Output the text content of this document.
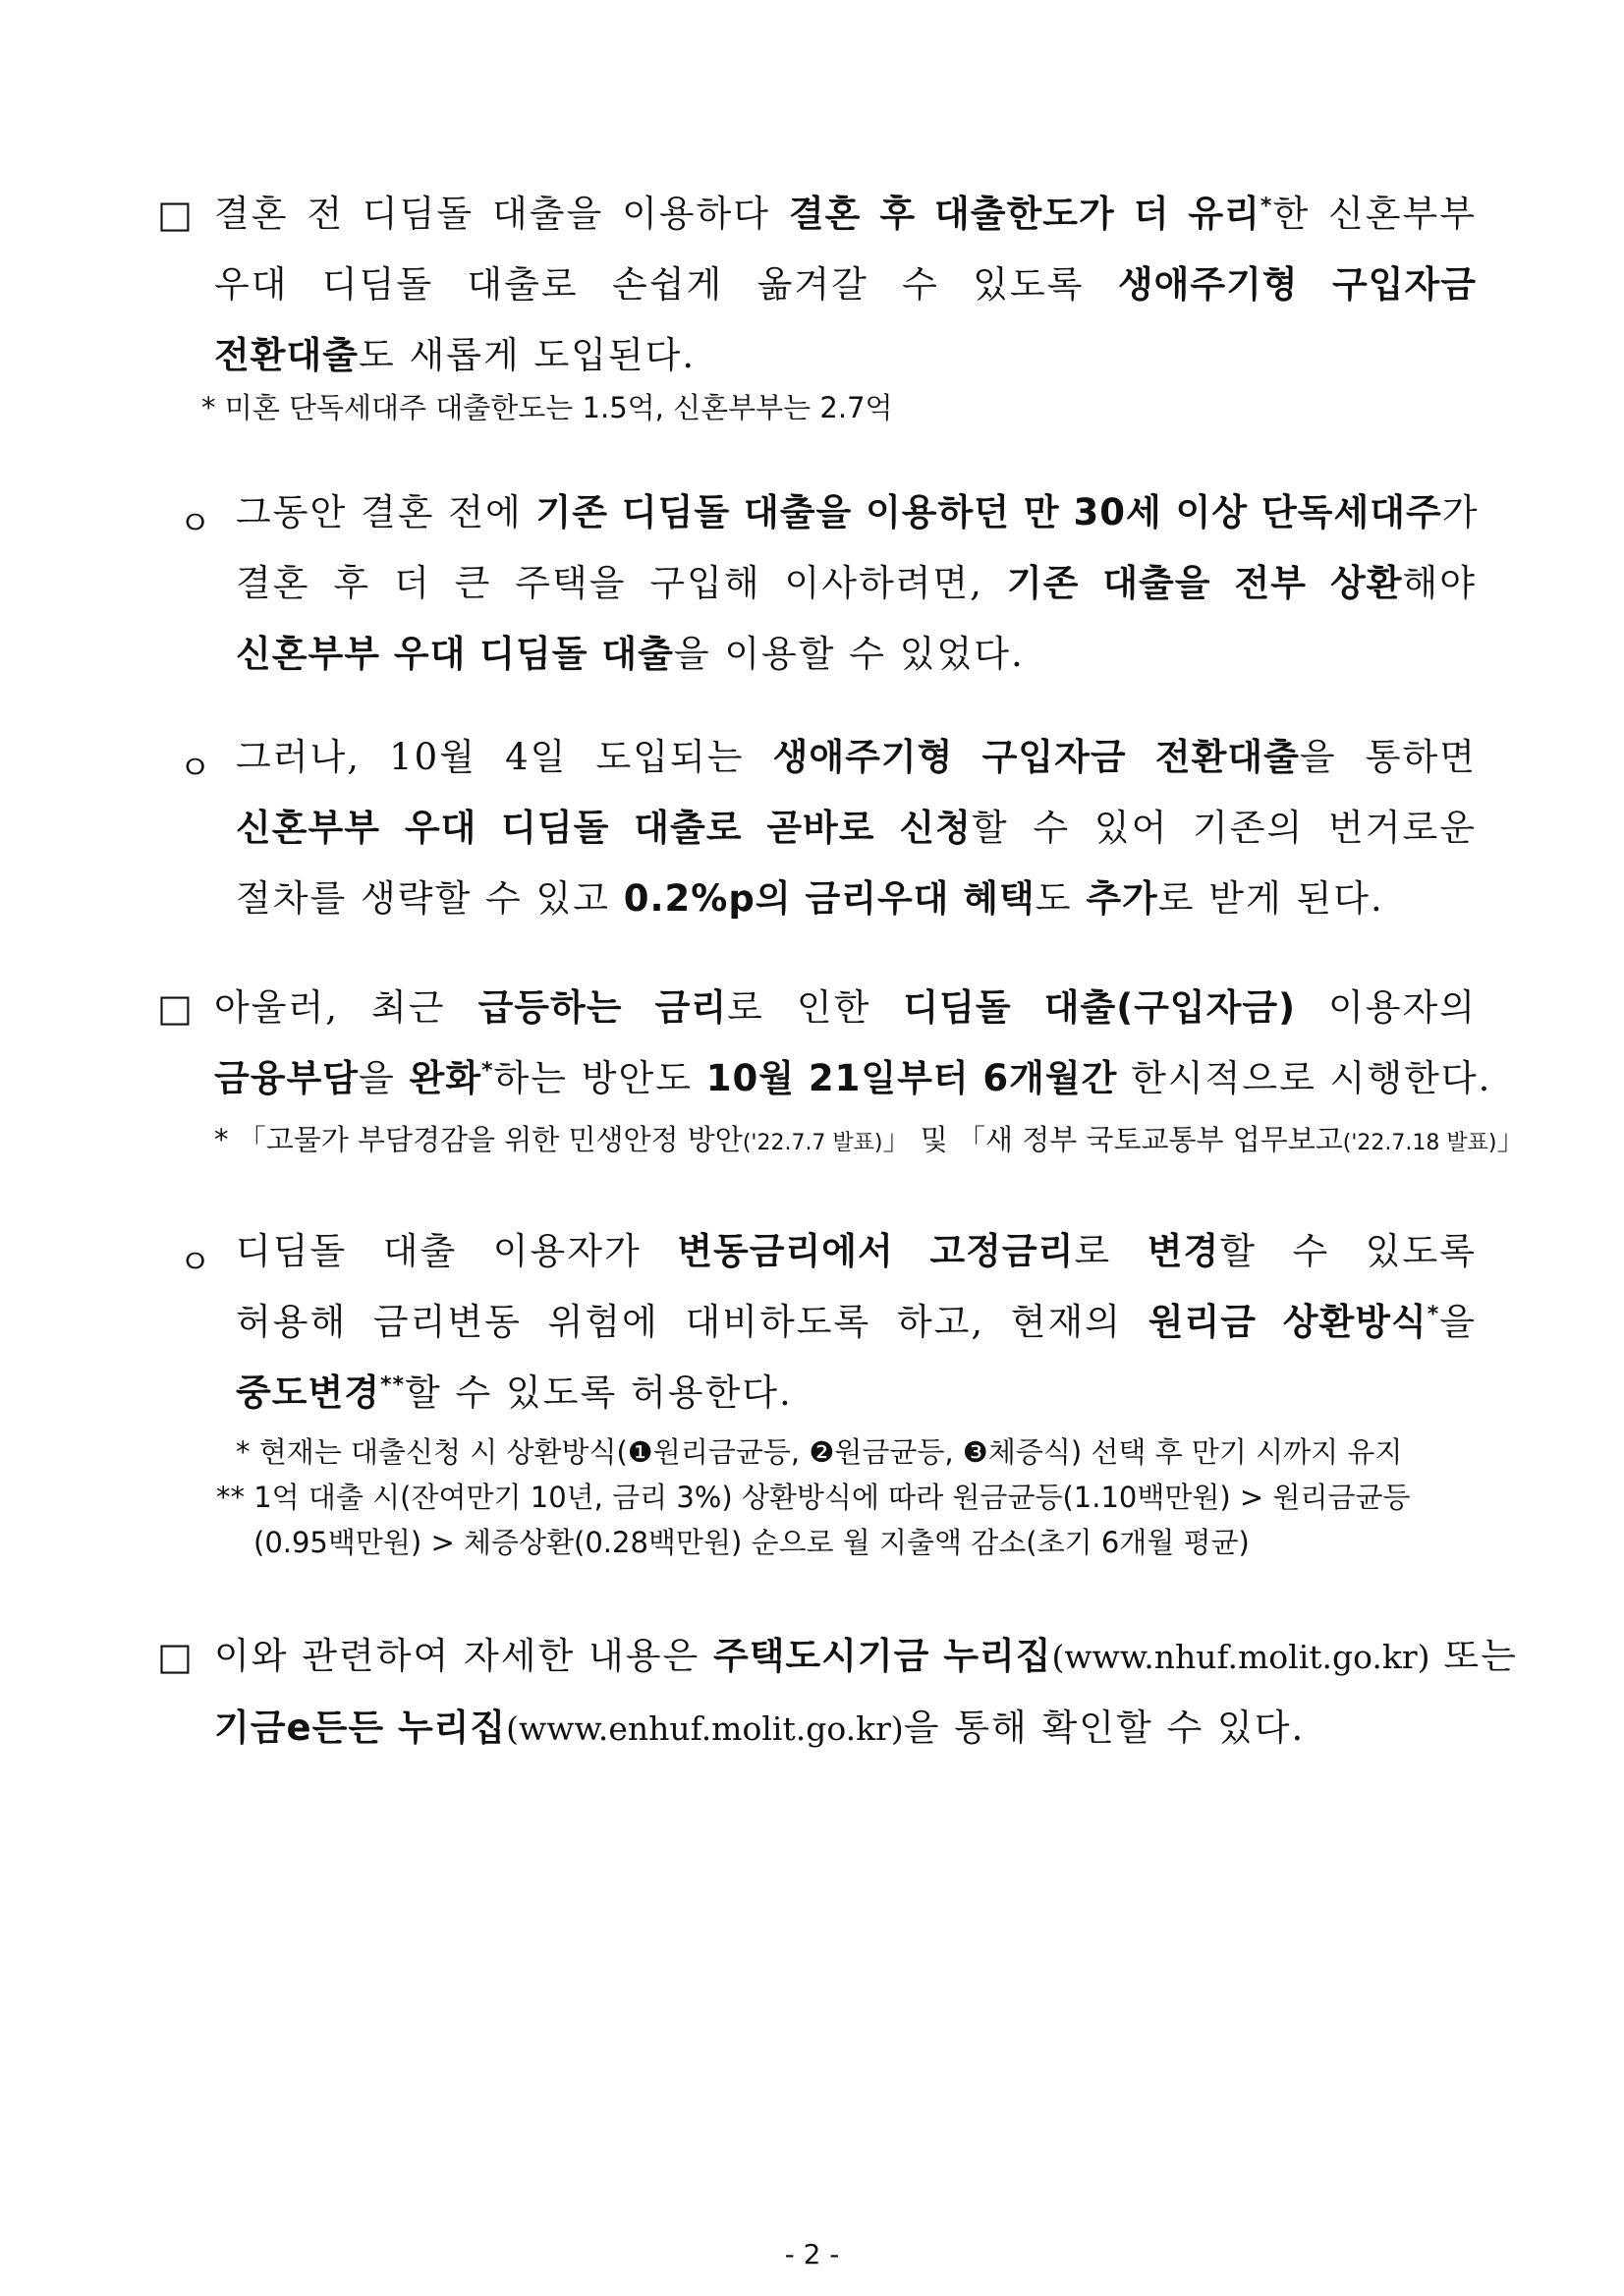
□ 결혼 전 디딤돌 대출을 이용하다 결혼 후 대출한도가 더 유리*한 신혼부부
우대 디딤돌 대출로 손쉽게 옮겨갈 수 있도록 생애주기형 구입자금
전환대출도 새롭게 도입된다.
* 미혼 단독세대주 대출한도는 1.5억, 신혼부부는 2.7억
ㅇ 그동안 결혼 전에 기존 디딤돌 대출을 이용하던 만 30세 이상 단독세대주가
결혼 후 더 큰 주택을 구입해 이사하려면, 기존 대출을 전부 상환해야
신혼부부 우대 디딤돌 대출을 이용할 수 있었다.
ㅇ 그러나, 10월 4일 도입되는 생애주기형 구입자금 전환대출을 통하면
신혼부부 우대 디딤돌 대출로 곧바로 신청할 수 있어 기존의 번거로운
절차를 생략할 수 있고 0.2%p의 금리우대 혜택도 추가로 받게 된다.
□ 아울러, 최근 급등하는 금리로 인한 디딤돌 대출(구입자금) 이용자의
금융부담을 완화*하는 방안도 10월 21일부터 6개월간 한시적으로 시행한다.
* 「고물가 부담경감을 위한 민생안정 방안('22.7.7 발표)」 및 「새 정부 국토교통부 업무보고('22.7.18 발표)」
ㅇ 디딤돌 대출 이용자가 변동금리에서 고정금리로 변경할 수 있도록
허용해 금리변동 위험에 대비하도록 하고, 현재의 원리금 상환방식*을
중도변경**할 수 있도록 허용한다.
* 현재는 대출신청 시 상환방식(❶원리금균등, ❷원금균등, ❸체증식) 선택 후 만기 시까지 유지
** 1억 대출 시(잔여만기 10년, 금리 3%) 상환방식에 따라 원금균등(1.10백만원) > 원리금균등
(0.95백만원) > 체증상환(0.28백만원) 순으로 월 지출액 감소(초기 6개월 평균)
□ 이와 관련하여 자세한 내용은 주택도시기금 누리집(www.nhuf.molit.go.kr) 또는
기금e든든 누리집(www.enhuf.molit.go.kr)을 통해 확인할 수 있다.
- 2 -
